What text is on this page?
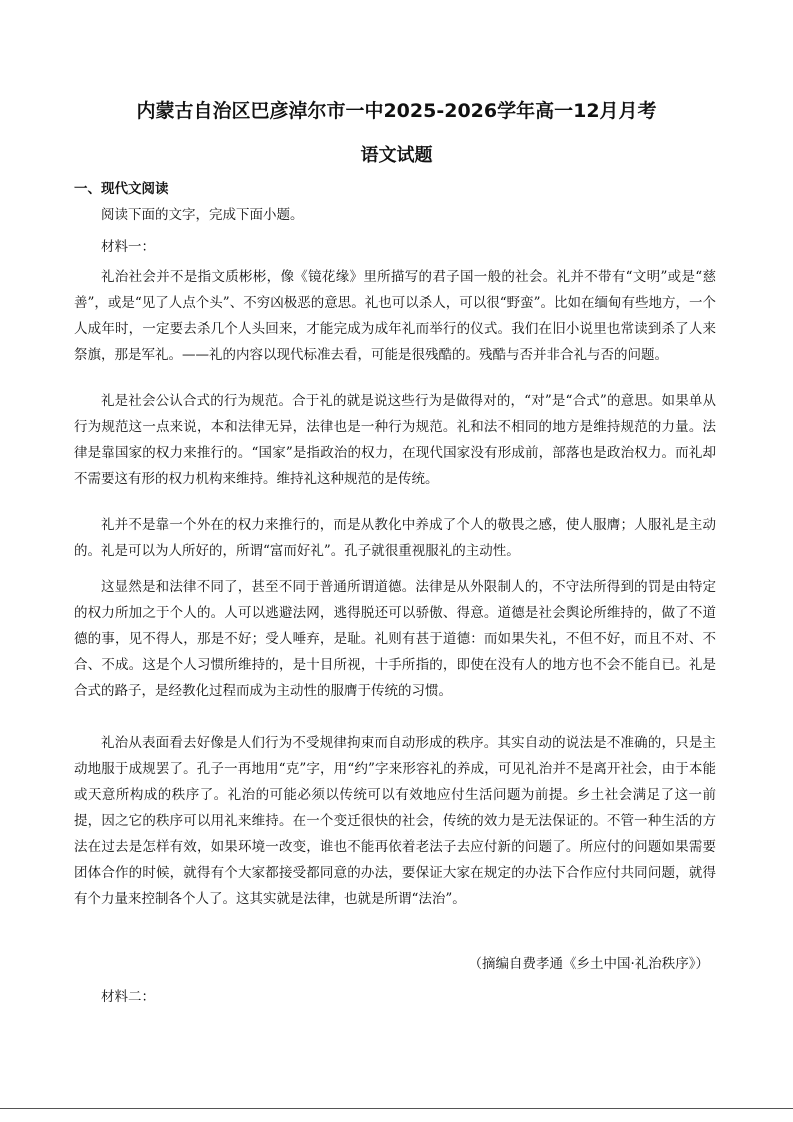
内蒙古自治区巴彦淖尔市一中2025-2026学年高一12月月考
语文试题
一、现代文阅读

阅读下面的文字，完成下面小题。

材料一：

礼治社会并不是指文质彬彬，像《镜花缘》里所描写的君子国一般的社会。礼并不带有“文明”或是“慈善”，或是“见了人点个头”、不穷凶极恶的意思。礼也可以杀人，可以很“野蛮”。比如在缅甸有些地方，一个人成年时，一定要去杀几个人头回来，才能完成为成年礼而举行的仪式。我们在旧小说里也常读到杀了人来祭旗，那是军礼。——礼的内容以现代标准去看，可能是很残酷的。残酷与否并非合礼与否的问题。

礼是社会公认合式的行为规范。合于礼的就是说这些行为是做得对的，“对”是“合式”的意思。如果单从行为规范这一点来说，本和法律无异，法律也是一种行为规范。礼和法不相同的地方是维持规范的力量。法律是靠国家的权力来推行的。“国家”是指政治的权力，在现代国家没有形成前，部落也是政治权力。而礼却不需要这有形的权力机构来维持。维持礼这种规范的是传统。

礼并不是靠一个外在的权力来推行的，而是从教化中养成了个人的敬畏之感，使人服膺；人服礼是主动的。礼是可以为人所好的，所谓“富而好礼”。孔子就很重视服礼的主动性。

这显然是和法律不同了，甚至不同于普通所谓道德。法律是从外限制人的，不守法所得到的罚是由特定的权力所加之于个人的。人可以逃避法网，逃得脱还可以骄傲、得意。道德是社会舆论所维持的，做了不道德的事，见不得人，那是不好；受人唾弃，是耻。礼则有甚于道德：而如果失礼，不但不好，而且不对、不合、不成。这是个人习惯所维持的，是十目所视，十手所指的，即使在没有人的地方也不会不能自已。礼是合式的路子，是经教化过程而成为主动性的服膺于传统的习惯。

礼治从表面看去好像是人们行为不受规律拘束而自动形成的秩序。其实自动的说法是不准确的，只是主动地服于成规罢了。孔子一再地用“克”字，用“约”字来形容礼的养成，可见礼治并不是离开社会，由于本能或天意所构成的秩序了。礼治的可能必须以传统可以有效地应付生活问题为前提。乡土社会满足了这一前提，因之它的秩序可以用礼来维持。在一个变迁很快的社会，传统的效力是无法保证的。不管一种生活的方法在过去是怎样有效，如果环境一改变，谁也不能再依着老法子去应付新的问题了。所应付的问题如果需要团体合作的时候，就得有个大家都接受都同意的办法，要保证大家在规定的办法下合作应付共同问题，就得有个力量来控制各个人了。这其实就是法律，也就是所谓“法治”。

（摘编自费孝通《乡土中国·礼治秩序》）

材料二：
